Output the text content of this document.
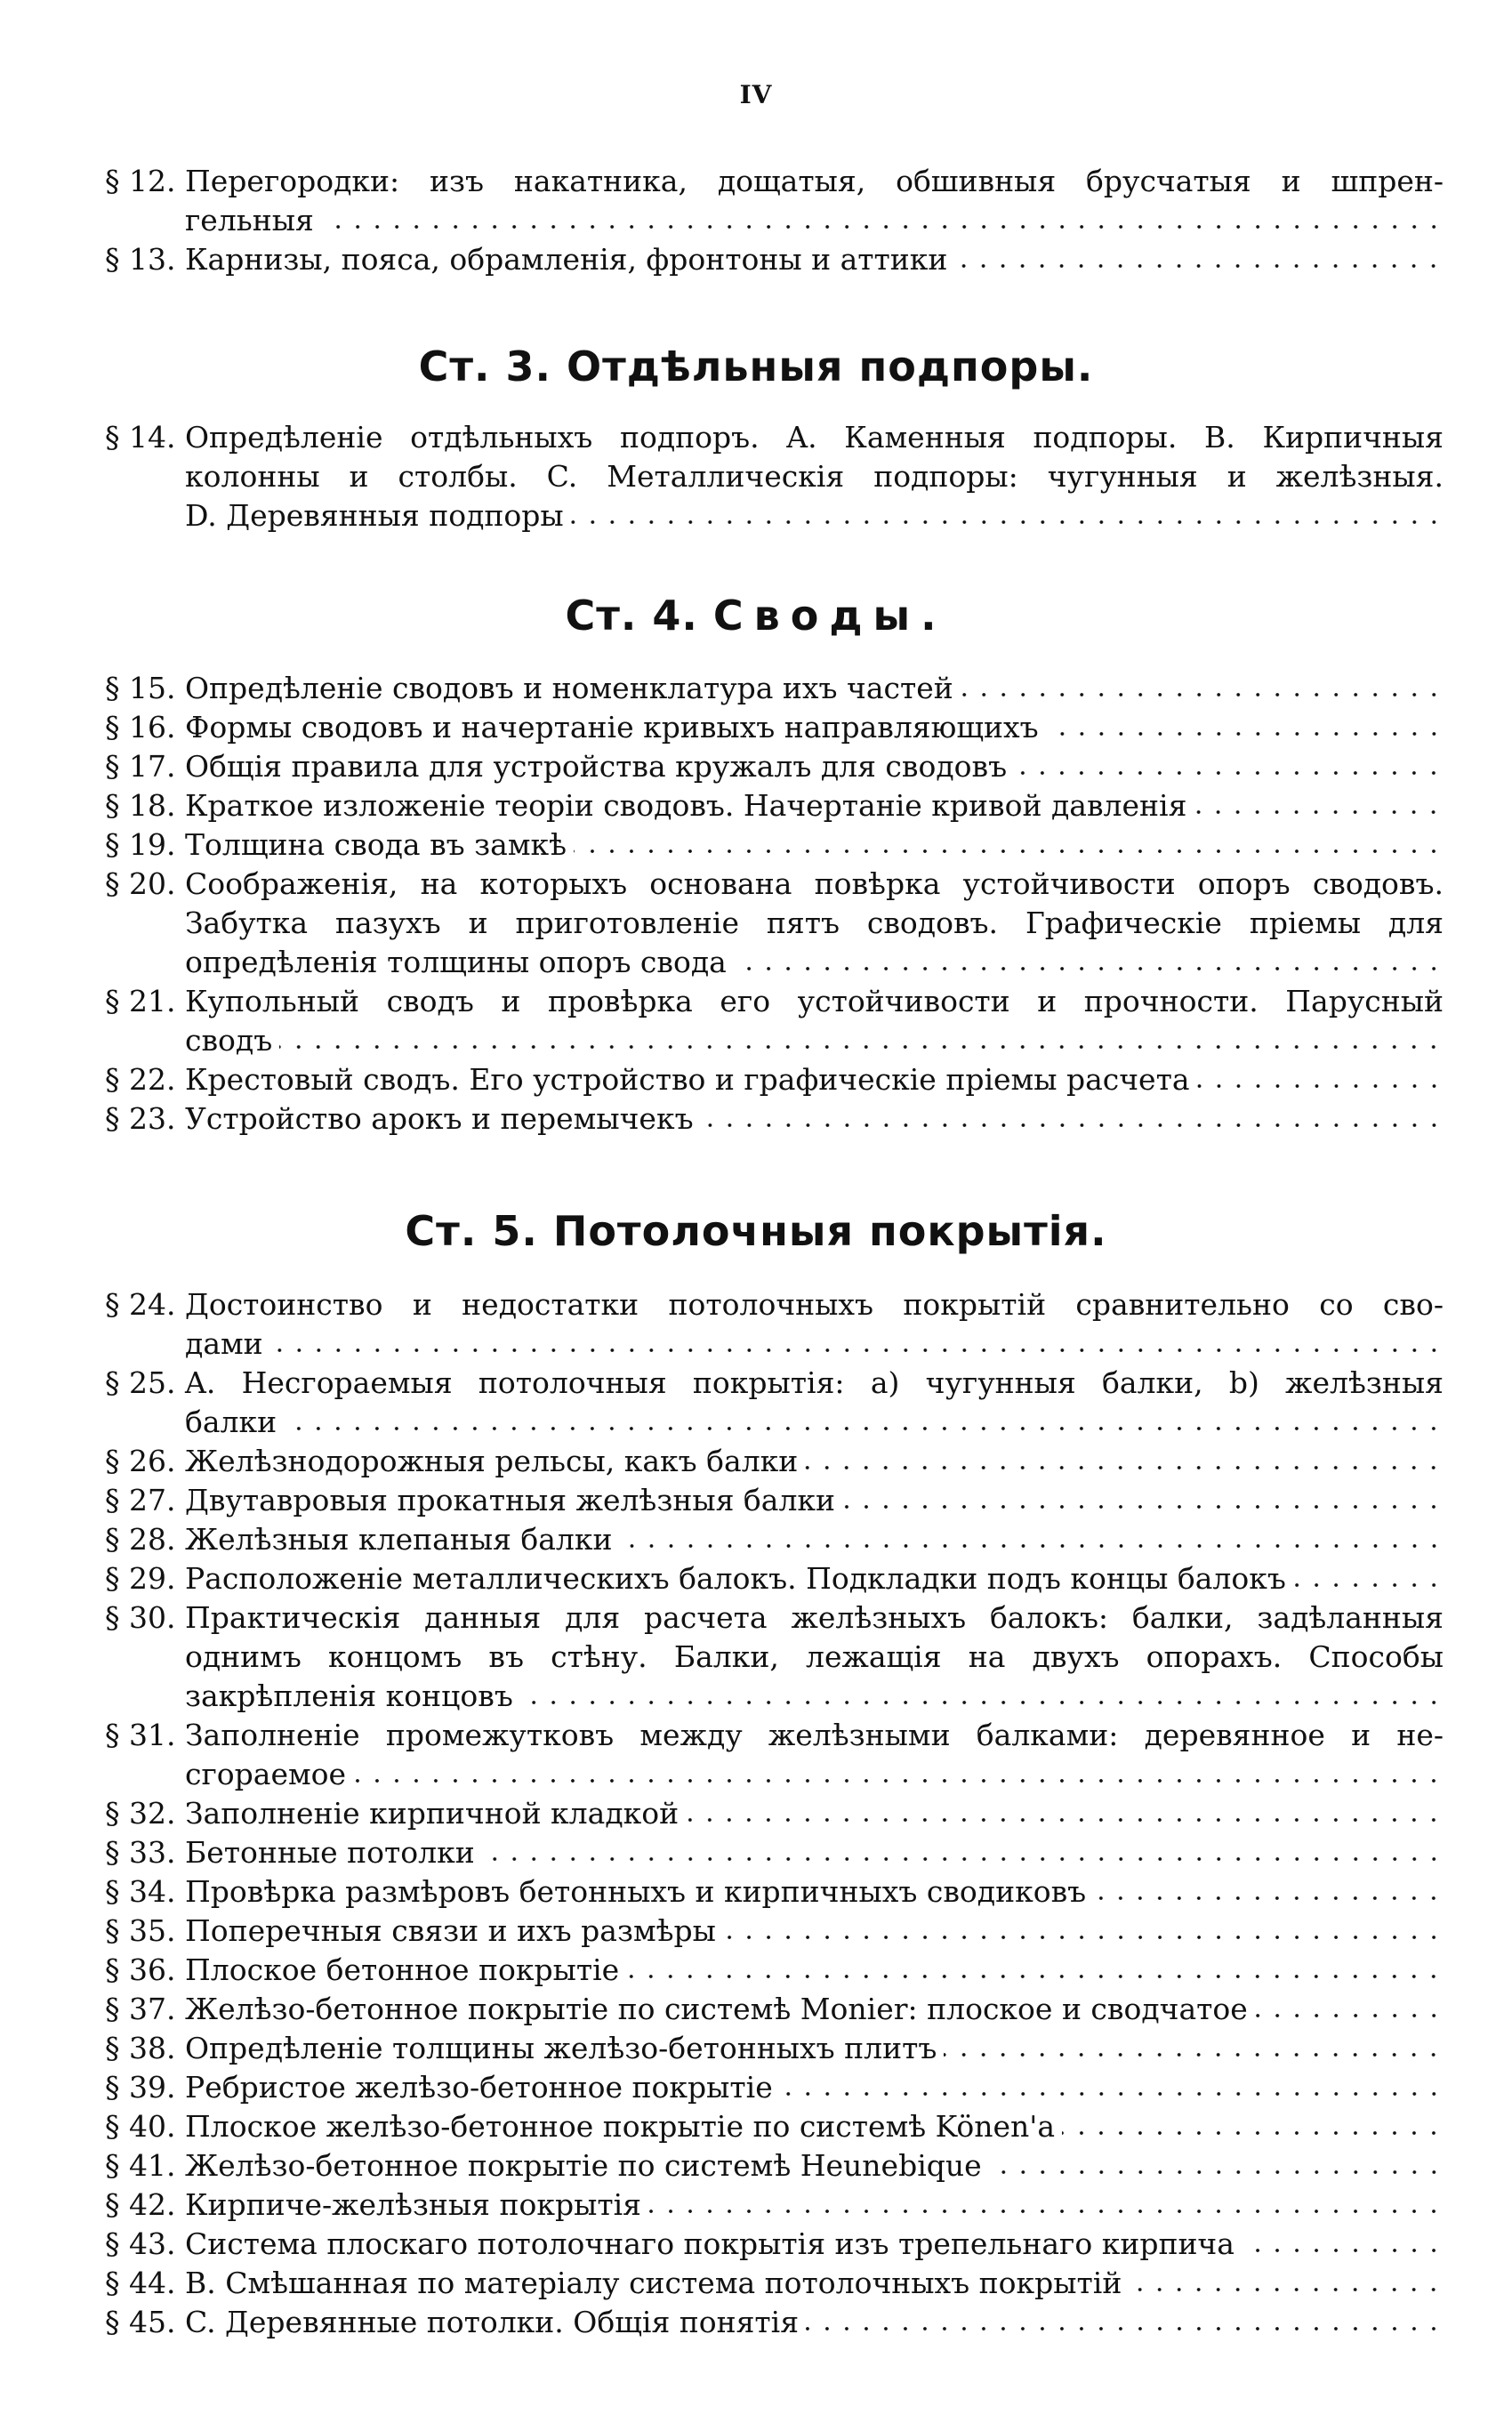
IV
§ 12. Перегородки: изъ накатника, дощатыя, обшивныя брусчатыя и шпрен-
гельныя
§ 13. Карнизы, пояса, обрамленія, фронтоны и аттики
Ст. 3. Отдѣльныя подпоры.
§ 14. Опредѣленіе отдѣльныхъ подпоръ. A. Каменныя подпоры. B. Кирпичныя
колонны и столбы. C. Металлическія подпоры: чугунныя и желѣзныя.
D. Деревянныя подпоры
Ст. 4. Своды.
§ 15. Опредѣленіе сводовъ и номенклатура ихъ частей
§ 16. Формы сводовъ и начертаніе кривыхъ направляющихъ
§ 17. Общія правила для устройства кружалъ для сводовъ
§ 18. Краткое изложеніе теоріи сводовъ. Начертаніе кривой давленія
§ 19. Толщина свода въ замкѣ
§ 20. Соображенія, на которыхъ основана повѣрка устойчивости опоръ сводовъ.
Забутка пазухъ и приготовленіе пятъ сводовъ. Графическіе пріемы для
опредѣленія толщины опоръ свода
§ 21. Купольный сводъ и провѣрка его устойчивости и прочности. Парусный
сводъ
§ 22. Крестовый сводъ. Его устройство и графическіе пріемы расчета
§ 23. Устройство арокъ и перемычекъ
Ст. 5. Потолочныя покрытія.
§ 24. Достоинство и недостатки потолочныхъ покрытій сравнительно со сво-
дами
§ 25. A. Несгораемыя потолочныя покрытія: a) чугунныя балки, b) желѣзныя
балки
§ 26. Желѣзнодорожныя рельсы, какъ балки
§ 27. Двутавровыя прокатныя желѣзныя балки
§ 28. Желѣзныя клепаныя балки
§ 29. Расположеніе металлическихъ балокъ. Подкладки подъ концы балокъ
§ 30. Практическія данныя для расчета желѣзныхъ балокъ: балки, задѣланныя
однимъ концомъ въ стѣну. Балки, лежащія на двухъ опорахъ. Способы
закрѣпленія концовъ
§ 31. Заполненіе промежутковъ между желѣзными балками: деревянное и не-
сгораемое
§ 32. Заполненіе кирпичной кладкой
§ 33. Бетонные потолки
§ 34. Провѣрка размѣровъ бетонныхъ и кирпичныхъ сводиковъ
§ 35. Поперечныя связи и ихъ размѣры
§ 36. Плоское бетонное покрытіе
§ 37. Желѣзо-бетонное покрытіе по системѣ Monier: плоское и сводчатое
§ 38. Опредѣленіе толщины желѣзо-бетонныхъ плитъ
§ 39. Ребристое желѣзо-бетонное покрытіе
§ 40. Плоское желѣзо-бетонное покрытіе по системѣ Könen'a
§ 41. Желѣзо-бетонное покрытіе по системѣ Heunebique
§ 42. Кирпиче-желѣзныя покрытія
§ 43. Система плоскаго потолочнаго покрытія изъ трепельнаго кирпича
§ 44. B. Смѣшанная по матеріалу система потолочныхъ покрытій
§ 45. C. Деревянные потолки. Общія понятія
